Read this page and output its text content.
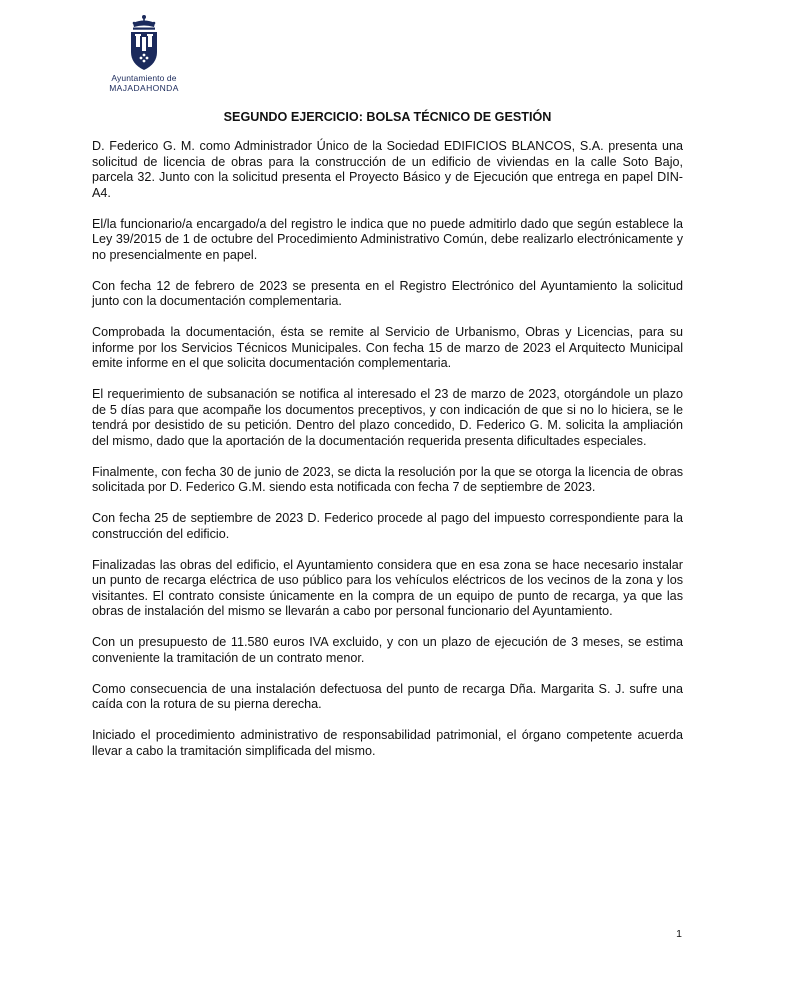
Ayuntamiento de
MAJADAHONDA
SEGUNDO EJERCICIO: BOLSA TÉCNICO DE GESTIÓN

D. Federico G. M. como Administrador Único de la Sociedad EDIFICIOS BLANCOS, S.A. presenta una solicitud de licencia de obras para la construcción de un edificio de viviendas en la calle Soto Bajo, parcela 32. Junto con la solicitud presenta el Proyecto Básico y de Ejecución que entrega en papel DIN-A4.

El/la funcionario/a encargado/a del registro le indica que no puede admitirlo dado que según establece la Ley 39/2015 de 1 de octubre del Procedimiento Administrativo Común, debe realizarlo electrónicamente y no presencialmente en papel.

Con fecha 12 de febrero de 2023 se presenta en el Registro Electrónico del Ayuntamiento la solicitud junto con la documentación complementaria.

Comprobada la documentación, ésta se remite al Servicio de Urbanismo, Obras y Licencias, para su informe por los Servicios Técnicos Municipales. Con fecha 15 de marzo de 2023 el Arquitecto Municipal emite informe en el que solicita documentación complementaria.

El requerimiento de subsanación se notifica al interesado el 23 de marzo de 2023, otorgándole un plazo de 5 días para que acompañe los documentos preceptivos, y con indicación de que si no lo hiciera, se le tendrá por desistido de su petición. Dentro del plazo concedido, D. Federico G. M. solicita la ampliación del mismo, dado que la aportación de la documentación requerida presenta dificultades especiales.

Finalmente, con fecha 30 de junio de 2023, se dicta la resolución por la que se otorga la licencia de obras solicitada por D. Federico G.M. siendo esta notificada con fecha 7 de septiembre de 2023.

Con fecha 25 de septiembre de 2023 D. Federico procede al pago del impuesto correspondiente para la construcción del edificio.

Finalizadas las obras del edificio, el Ayuntamiento considera que en esa zona se hace necesario instalar un punto de recarga eléctrica de uso público para los vehículos eléctricos de los vecinos de la zona y los visitantes. El contrato consiste únicamente en la compra de un equipo de punto de recarga, ya que las obras de instalación del mismo se llevarán a cabo por personal funcionario del Ayuntamiento.

Con un presupuesto de 11.580 euros IVA excluido, y con un plazo de ejecución de 3 meses, se estima conveniente la tramitación de un contrato menor.

Como consecuencia de una instalación defectuosa del punto de recarga Dña. Margarita S. J. sufre una caída con la rotura de su pierna derecha.

Iniciado el procedimiento administrativo de responsabilidad patrimonial, el órgano competente acuerda llevar a cabo la tramitación simplificada del mismo.

1
